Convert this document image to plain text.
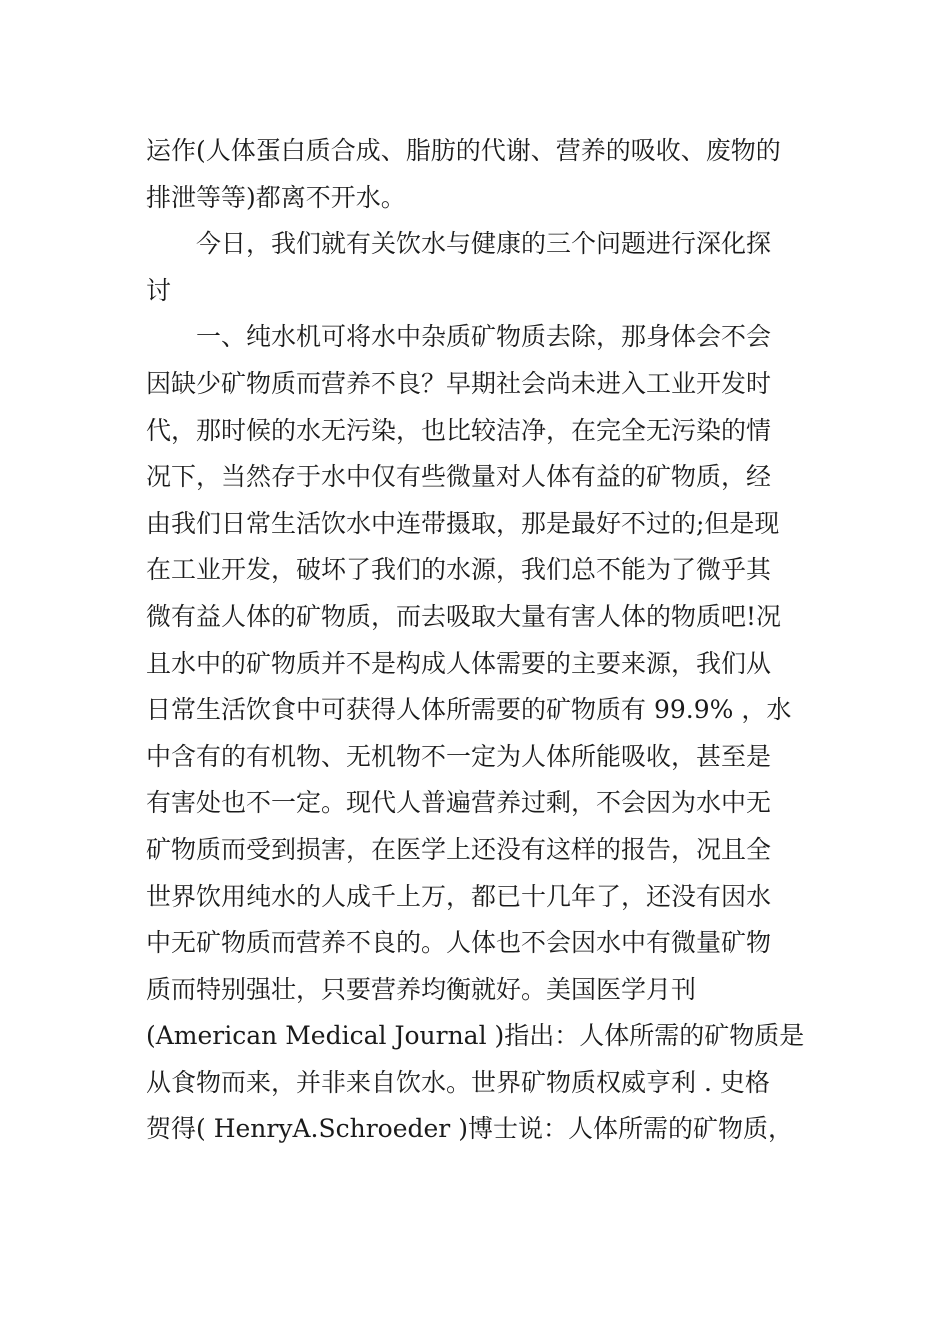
运作(人体蛋白质合成、脂肪的代谢、营养的吸收、废物的
排泄等等)都离不开水。
今日，我们就有关饮水与健康的三个问题进行深化探
讨
一、纯水机可将水中杂质矿物质去除，那身体会不会
因缺少矿物质而营养不良？早期社会尚未进入工业开发时
代，那时候的水无污染，也比较洁净，在完全无污染的情
况下，当然存于水中仅有些微量对人体有益的矿物质，经
由我们日常生活饮水中连带摄取，那是最好不过的;但是现
在工业开发，破坏了我们的水源，我们总不能为了微乎其
微有益人体的矿物质，而去吸取大量有害人体的物质吧!况
且水中的矿物质并不是构成人体需要的主要来源，我们从
日常生活饮食中可获得人体所需要的矿物质有 99.9% ，水
中含有的有机物、无机物不一定为人体所能吸收，甚至是
有害处也不一定。现代人普遍营养过剩，不会因为水中无
矿物质而受到损害，在医学上还没有这样的报告，况且全
世界饮用纯水的人成千上万，都已十几年了，还没有因水
中无矿物质而营养不良的。人体也不会因水中有微量矿物
质而特别强壮，只要营养均衡就好。美国医学月刊
(American Medical Journal )指出：人体所需的矿物质是
从食物而来，并非来自饮水。世界矿物质权威亨利 . 史格
贺得( HenryA.Schroeder )博士说：人体所需的矿物质，
